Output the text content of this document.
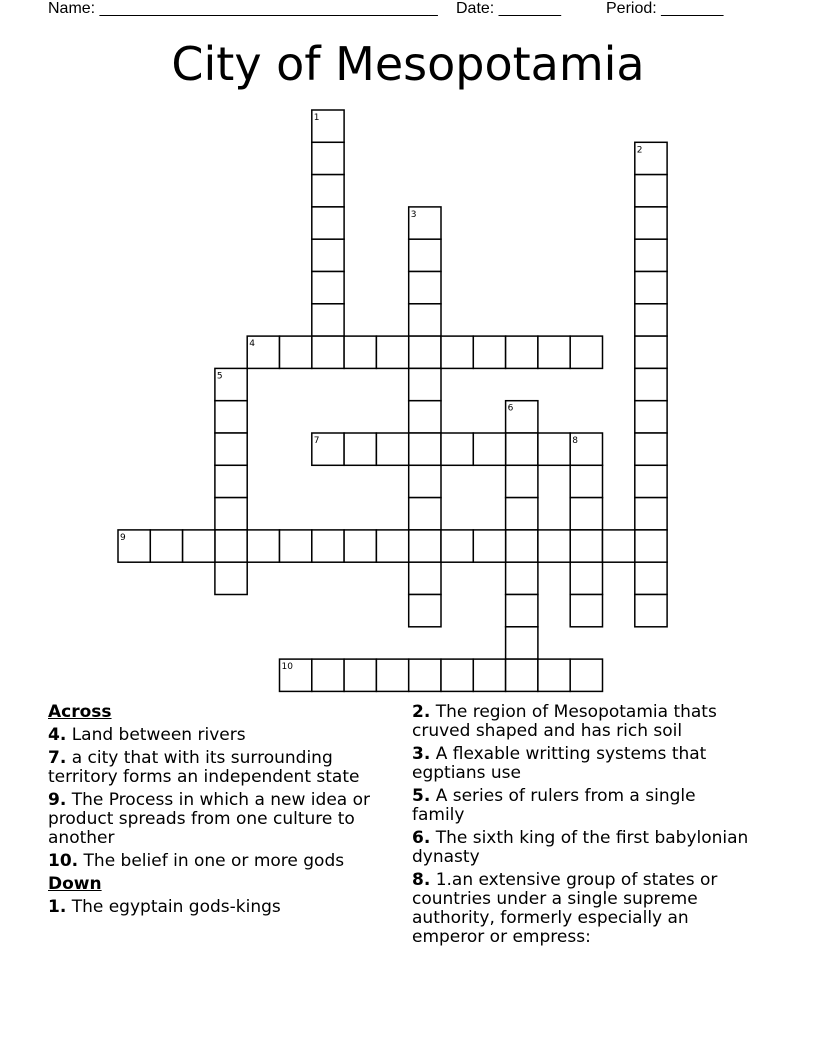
Name: ______________________________________ Date: _______	Period: _______
City of Mesopotamia
1
2
3
4
5
6
7	8
9
10
Across
4. Land between rivers
7. a city that with its surrounding territory forms an independent state
9. The Process in which a new idea or product spreads from one culture to another
10. The belief in one or more gods
Down
1. The egyptain gods-kings
2. The region of Mesopotamia thats cruved shaped and has rich soil
3. A flexable writting systems that egptians use
5. A series of rulers from a single family
6. The sixth king of the first babylonian dynasty
8. 1.an extensive group of states or countries under a single supreme authority, formerly especially an emperor or empress:
